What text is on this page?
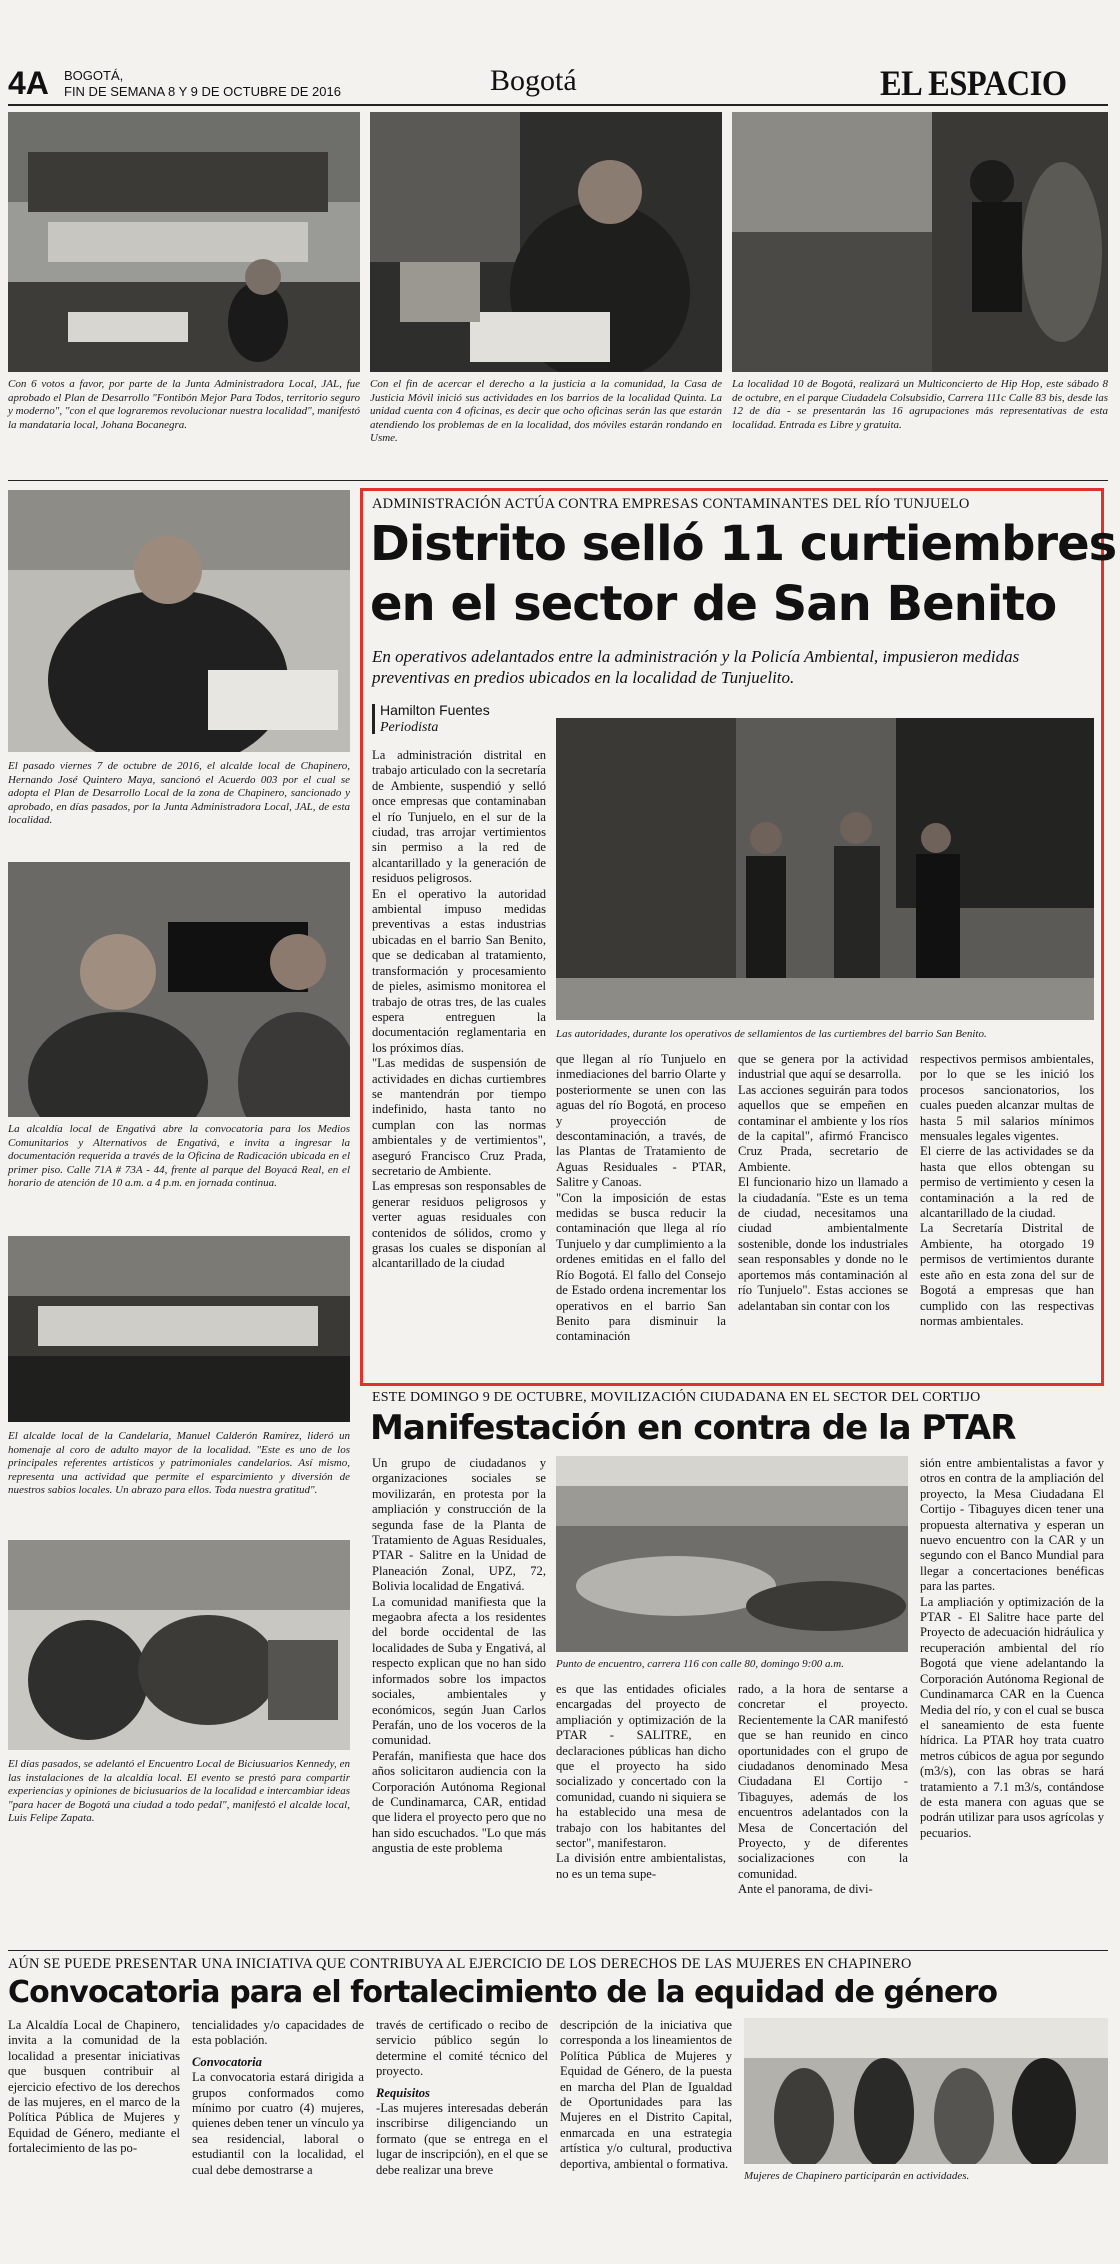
4A BOGOTÁ,
FIN DE SEMANA 8 Y 9 DE OCTUBRE DE 2016	Bogotá	EL ESPACIO
Con 6 votos a favor, por parte de la Junta Administradora Local, JAL, fue aprobado el Plan de Desarrollo "Fontibón Mejor Para Todos, territorio seguro y moderno", "con el que lograremos revolucionar nuestra localidad", manifestó la mandataria local, Johana Bocanegra.
Con el fin de acercar el derecho a la justicia a la comunidad, la Casa de Justicia Móvil inició sus actividades en los barrios de la localidad Quinta. La unidad cuenta con 4 oficinas, es decir que ocho oficinas serán las que estarán atendiendo los problemas de en la localidad, dos móviles estarán rondando en Usme.
La localidad 10 de Bogotá, realizará un Multiconcierto de Hip Hop, este sábado 8 de octubre, en el parque Ciudadela Colsubsidio, Carrera 111c Calle 83 bis, desde las 12 de día - se presentarán las 16 agrupaciones más representativas de esta localidad. Entrada es Libre y gratuita.
El pasado viernes 7 de octubre de 2016, el alcalde local de Chapinero, Hernando José Quintero Maya, sancionó el Acuerdo 003 por el cual se adopta el Plan de Desarrollo Local de la zona de Chapinero, sancionado y aprobado, en días pasados, por la Junta Administradora Local, JAL, de esta localidad.
La alcaldía local de Engativá abre la convocatoria para los Medios Comunitarios y Alternativos de Engativá, e invita a ingresar la documentación requerida a través de la Oficina de Radicación ubicada en el primer piso. Calle 71A # 73A - 44, frente al parque del Boyacá Real, en el horario de atención de 10 a.m. a 4 p.m. en jornada continua.
El alcalde local de la Candelaria, Manuel Calderón Ramírez, lideró un homenaje al coro de adulto mayor de la localidad. "Este es uno de los principales referentes artísticos y patrimoniales candelarios. Así mismo, representa una actividad que permite el esparcimiento y diversión de nuestros sabios locales. Un abrazo para ellos. Toda nuestra gratitud".
El días pasados, se adelantó el Encuentro Local de Biciusuarios Kennedy, en las instalaciones de la alcaldía local. El evento se prestó para compartir experiencias y opiniones de biciusuarios de la localidad e intercambiar ideas "para hacer de Bogotá una ciudad a todo pedal", manifestó el alcalde local, Luis Felipe Zapata.
ADMINISTRACIÓN ACTÚA CONTRA EMPRESAS CONTAMINANTES DEL RÍO TUNJUELO
Distrito selló 11 curtiembres
en el sector de San Benito
En operativos adelantados entre la administración y la Policía Ambiental, impusieron medidas preventivas en predios ubicados en la localidad de Tunjuelito.
Hamilton Fuentes
Periodista

La administración distrital en trabajo articulado con la secretaría de Ambiente, suspendió y selló once empresas que contaminaban el río Tunjuelo, en el sur de la ciudad, tras arrojar vertimientos sin permiso a la red de alcantarillado y la generación de residuos peligrosos.

En el operativo la autoridad ambiental impuso medidas preventivas a estas industrias ubicadas en el barrio San Benito, que se dedicaban al tratamiento, transformación y procesamiento de pieles, asimismo monitorea el trabajo de otras tres, de las cuales espera entreguen la documentación reglamentaria en los próximos días.

"Las medidas de suspensión de actividades en dichas curtiembres se mantendrán por tiempo indefinido, hasta tanto no cumplan con las normas ambientales y de vertimientos", aseguró Francisco Cruz Prada, secretario de Ambiente.

Las empresas son responsables de generar residuos peligrosos y verter aguas residuales con contenidos de sólidos, cromo y grasas los cuales se disponían al alcantarillado de la ciudad

Las autoridades, durante los operativos de sellamientos de las curtiembres del barrio San Benito.

que llegan al río Tunjuelo en inmediaciones del barrio Olarte y posteriormente se unen con las aguas del río Bogotá, en proceso y proyección de descontaminación, a través, de las Plantas de Tratamiento de Aguas Residuales - PTAR, Salitre y Canoas.

"Con la imposición de estas medidas se busca reducir la contaminación que llega al río Tunjuelo y dar cumplimiento a la ordenes emitidas en el fallo del Río Bogotá. El fallo del Consejo de Estado ordena incrementar los operativos en el barrio San Benito para disminuir la contaminación

que se genera por la actividad industrial que aquí se desarrolla.

Las acciones seguirán para todos aquellos que se empeñen en contaminar el ambiente y los ríos de la capital", afirmó Francisco Cruz Prada, secretario de Ambiente.

El funcionario hizo un llamado a la ciudadanía. "Este es un tema de ciudad, necesitamos una ciudad ambientalmente sostenible, donde los industriales sean responsables y donde no le aportemos más contaminación al río Tunjuelo". Estas acciones se adelantaban sin contar con los

respectivos permisos ambientales, por lo que se les inició los procesos sancionatorios, los cuales pueden alcanzar multas de hasta 5 mil salarios mínimos mensuales legales vigentes.

El cierre de las actividades se da hasta que ellos obtengan su permiso de vertimiento y cesen la contaminación a la red de alcantarillado de la ciudad.

La Secretaría Distrital de Ambiente, ha otorgado 19 permisos de vertimientos durante este año en esta zona del sur de Bogotá a empresas que han cumplido con las respectivas normas ambientales.

ESTE DOMINGO 9 DE OCTUBRE, MOVILIZACIÓN CIUDADANA EN EL SECTOR DEL CORTIJO
Manifestación en contra de la PTAR

Un grupo de ciudadanos y organizaciones sociales se movilizarán, en protesta por la ampliación y construcción de la segunda fase de la Planta de Tratamiento de Aguas Residuales, PTAR - Salitre en la Unidad de Planeación Zonal, UPZ, 72, Bolivia localidad de Engativá.

La comunidad manifiesta que la megaobra afecta a los residentes del borde occidental de las localidades de Suba y Engativá, al respecto explican que no han sido informados sobre los impactos sociales, ambientales y económicos, según Juan Carlos Perafán, uno de los voceros de la comunidad.

Perafán, manifiesta que hace dos años solicitaron audiencia con la Corporación Autónoma Regional de Cundinamarca, CAR, entidad que lidera el proyecto pero que no han sido escuchados. "Lo que más angustia de este problema

Punto de encuentro, carrera 116 con calle 80, domingo 9:00 a.m.

es que las entidades oficiales encargadas del proyecto de ampliación y optimización de la PTAR - SALITRE, en declaraciones públicas han dicho que el proyecto ha sido socializado y concertado con la comunidad, cuando ni siquiera se ha establecido una mesa de trabajo con los habitantes del sector", manifestaron.

La división entre ambientalistas, no es un tema supe-

rado, a la hora de sentarse a concretar el proyecto. Recientemente la CAR manifestó que se han reunido en cinco oportunidades con el grupo de ciudadanos denominado Mesa Ciudadana El Cortijo - Tibaguyes, además de los encuentros adelantados con la Mesa de Concertación del Proyecto, y de diferentes socializaciones con la comunidad.

Ante el panorama, de divi-

sión entre ambientalistas a favor y otros en contra de la ampliación del proyecto, la Mesa Ciudadana El Cortijo - Tibaguyes dicen tener una propuesta alternativa y esperan un nuevo encuentro con la CAR y un segundo con el Banco Mundial para llegar a concertaciones benéficas para las partes.

La ampliación y optimización de la PTAR - El Salitre hace parte del Proyecto de adecuación hidráulica y recuperación ambiental del río Bogotá que viene adelantando la Corporación Autónoma Regional de Cundinamarca CAR en la Cuenca Media del río, y con el cual se busca el saneamiento de esta fuente hídrica. La PTAR hoy trata cuatro metros cúbicos de agua por segundo (m3/s), con las obras se hará tratamiento a 7.1 m3/s, contándose de esta manera con aguas que se podrán utilizar para usos agrícolas y pecuarios.

AÚN SE PUEDE PRESENTAR UNA INICIATIVA QUE CONTRIBUYA AL EJERCICIO DE LOS DERECHOS DE LAS MUJERES EN CHAPINERO
Convocatoria para el fortalecimiento de la equidad de género
La Alcaldía Local de Chapinero, invita a la comunidad de la localidad a presentar iniciativas que busquen contribuir al ejercicio efectivo de los derechos de las mujeres, en el marco de la Política Pública de Mujeres y Equidad de Género, mediante el fortalecimiento de las po-

tencialidades y/o capacidades de esta población.

Convocatoria

La convocatoria estará dirigida a grupos conformados como mínimo por cuatro (4) mujeres, quienes deben tener un vínculo ya sea residencial, laboral o estudiantil con la localidad, el cual debe demostrarse a

través de certificado o recibo de servicio público según lo determine el comité técnico del proyecto.

Requisitos

-Las mujeres interesadas deberán inscribirse diligenciando un formato (que se entrega en el lugar de inscripción), en el que se debe realizar una breve

descripción de la iniciativa que corresponda a los lineamientos de Política Pública de Mujeres y Equidad de Género, de la puesta en marcha del Plan de Igualdad de Oportunidades para las Mujeres en el Distrito Capital, enmarcada en una estrategia artística y/o cultural, productiva deportiva, ambiental o formativa.
Mujeres de Chapinero participarán en actividades.
